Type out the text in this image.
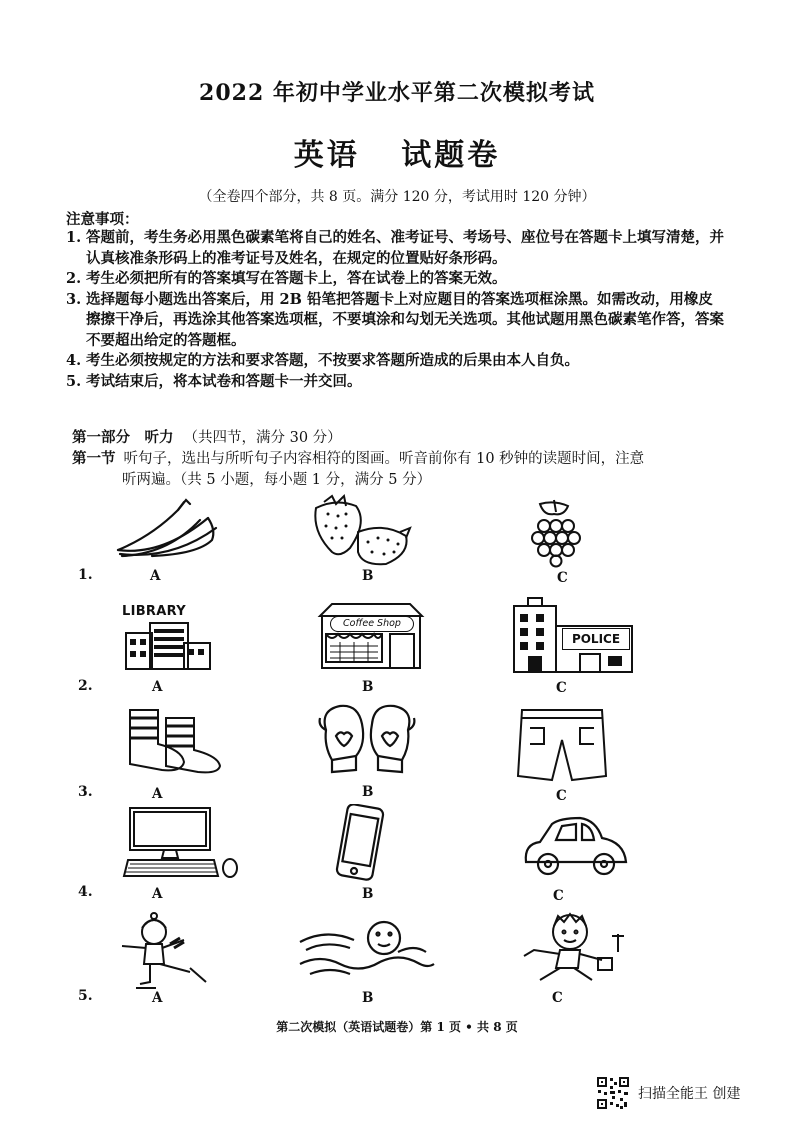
2022 年初中学业水平第二次模拟考试
英语 试题卷
（全卷四个部分，共 8 页。满分 120 分，考试用时 120 分钟）
注意事项：
1. 答题前，考生务必用黑色碳素笔将自己的姓名、准考证号、考场号、座位号在答题卡上填写清楚，并认真核准条形码上的准考证号及姓名，在规定的位置贴好条形码。
2. 考生必须把所有的答案填写在答题卡上，答在试卷上的答案无效。
3. 选择题每小题选出答案后，用 2B 铅笔把答题卡上对应题目的答案选项框涂黑。如需改动，用橡皮擦擦干净后，再选涂其他答案选项框，不要填涂和勾划无关选项。其他试题用黑色碳素笔作答，答案不要超出给定的答题框。
4. 考生必须按规定的方法和要求答题，不按要求答题所造成的后果由本人自负。
5. 考试结束后，将本试卷和答题卡一并交回。
第一部分　听力 （共四节，满分 30 分）
第一节 听句子，选出与所听句子内容相符的图画。听音前你有 10 秒钟的读题时间，注意
听两遍。（共 5 小题，每小题 1 分，满分 5 分）
1.	A	B	C
2.
LIBRARY
A
Coffee Shop
B
POLICE
C
3.	A	B	C
4.	A	B	C
5.	A	B	C
第二次模拟（英语试题卷）第 1 页 • 共 8 页
扫描全能王 创建
